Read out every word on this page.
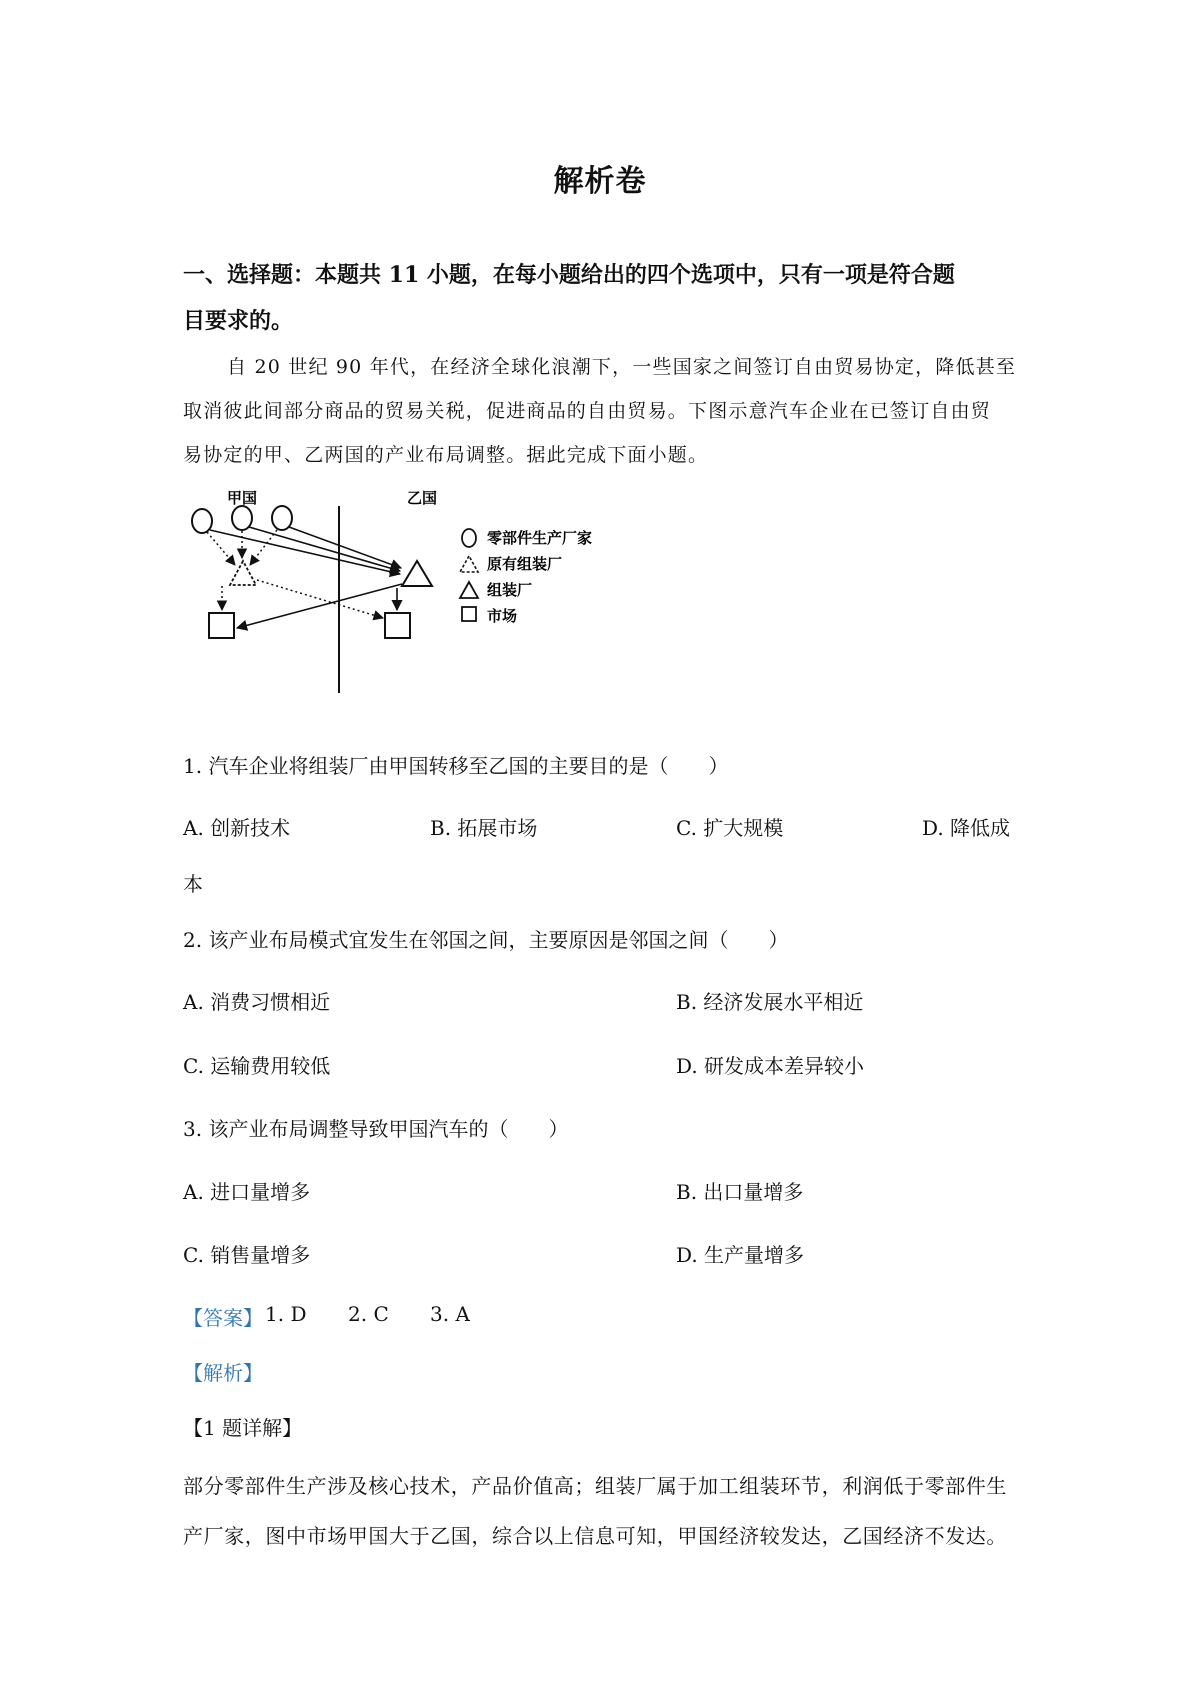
解析卷
一、选择题：本题共 11 小题，在每小题给出的四个选项中，只有一项是符合题
目要求的。
自 20 世纪 90 年代，在经济全球化浪潮下，一些国家之间签订自由贸易协定，降低甚至
取消彼此间部分商品的贸易关税，促进商品的自由贸易。下图示意汽车企业在已签订自由贸
易协定的甲、乙两国的产业布局调整。据此完成下面小题。
甲国	乙国
零部件生产厂家
原有组装厂
组装厂
市场
1. 汽车企业将组装厂由甲国转移至乙国的主要目的是（　　）
A. 创新技术	B. 拓展市场	C. 扩大规模	D. 降低成
本
2. 该产业布局模式宜发生在邻国之间，主要原因是邻国之间（　　）
A. 消费习惯相近	B. 经济发展水平相近
C. 运输费用较低	D. 研发成本差异较小
3. 该产业布局调整导致甲国汽车的（　　）
A. 进口量增多	B. 出口量增多
C. 销售量增多	D. 生产量增多
【答案】 1. D 2. C 3. A
【解析】
【1 题详解】
部分零部件生产涉及核心技术，产品价值高；组装厂属于加工组装环节，利润低于零部件生
产厂家，图中市场甲国大于乙国，综合以上信息可知，甲国经济较发达，乙国经济不发达。
